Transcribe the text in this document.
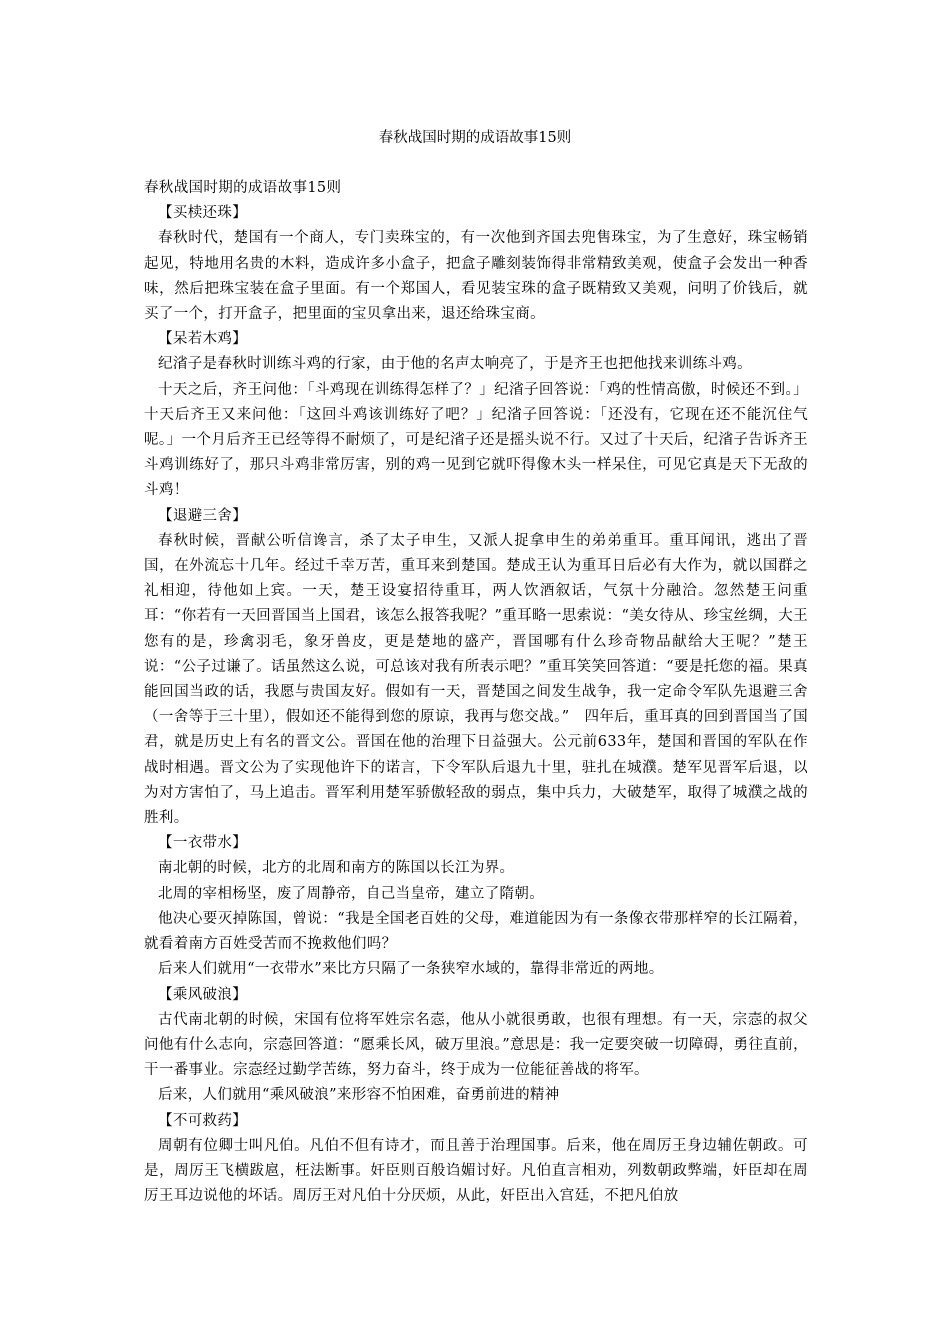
春秋战国时期的成语故事15则

春秋战国时期的成语故事15则

【买椟还珠】

春秋时代，楚国有一个商人，专门卖珠宝的，有一次他到齐国去兜售珠宝，为了生意好，珠宝畅销起见，特地用名贵的木料，造成许多小盒子，把盒子雕刻装饰得非常精致美观，使盒子会发出一种香味，然后把珠宝装在盒子里面。有一个郑国人，看见装宝珠的盒子既精致又美观，问明了价钱后，就买了一个，打开盒子，把里面的宝贝拿出来，退还给珠宝商。

【呆若木鸡】

纪渻子是春秋时训练斗鸡的行家，由于他的名声太响亮了，于是齐王也把他找来训练斗鸡。

十天之后，齐王问他：「斗鸡现在训练得怎样了？」纪渻子回答说：「鸡的性情高傲，时候还不到。」十天后齐王又来问他：「这回斗鸡该训练好了吧？」纪渻子回答说：「还没有，它现在还不能沉住气呢。」一个月后齐王已经等得不耐烦了，可是纪渻子还是摇头说不行。又过了十天后，纪渻子告诉齐王斗鸡训练好了，那只斗鸡非常厉害，别的鸡一见到它就吓得像木头一样呆住，可见它真是天下无敌的斗鸡！

【退避三舍】

春秋时候，晋献公听信谗言，杀了太子申生，又派人捉拿申生的弟弟重耳。重耳闻讯，逃出了晋国，在外流忘十几年。经过千幸万苦，重耳来到楚国。楚成王认为重耳日后必有大作为，就以国群之礼相迎，待他如上宾。一天，楚王设宴招待重耳，两人饮酒叙话，气氛十分融洽。忽然楚王问重耳：“你若有一天回晋国当上国君，该怎么报答我呢？”重耳略一思索说：“美女待从、珍宝丝绸，大王您有的是，珍禽羽毛，象牙兽皮，更是楚地的盛产，晋国哪有什么珍奇物品献给大王呢？”楚王说：“公子过谦了。话虽然这么说，可总该对我有所表示吧？”重耳笑笑回答道：“要是托您的福。果真能回国当政的话，我愿与贵国友好。假如有一天，晋楚国之间发生战争，我一定命令军队先退避三舍（一舍等于三十里），假如还不能得到您的原谅，我再与您交战。”　四年后，重耳真的回到晋国当了国君，就是历史上有名的晋文公。晋国在他的治理下日益强大。公元前633年，楚国和晋国的军队在作战时相遇。晋文公为了实现他许下的诺言，下令军队后退九十里，驻扎在城濮。楚军见晋军后退，以为对方害怕了，马上追击。晋军利用楚军骄傲轻敌的弱点，集中兵力，大破楚军，取得了城濮之战的胜利。

【一衣带水】

南北朝的时候，北方的北周和南方的陈国以长江为界。

北周的宰相杨坚，废了周静帝，自己当皇帝，建立了隋朝。

他决心要灭掉陈国，曾说：“我是全国老百姓的父母，难道能因为有一条像衣带那样窄的长江隔着，就看着南方百姓受苦而不挽救他们吗？

后来人们就用“一衣带水”来比方只隔了一条狭窄水域的，靠得非常近的两地。

【乘风破浪】

古代南北朝的时候，宋国有位将军姓宗名悫，他从小就很勇敢，也很有理想。有一天，宗悫的叔父问他有什么志向，宗悫回答道：“愿乘长风，破万里浪。”意思是：我一定要突破一切障碍，勇往直前，干一番事业。宗悫经过勤学苦练，努力奋斗，终于成为一位能征善战的将军。

后来，人们就用“乘风破浪”来形容不怕困难，奋勇前进的精神

【不可救药】

周朝有位卿士叫凡伯。凡伯不但有诗才，而且善于治理国事。后来，他在周厉王身边辅佐朝政。可是，周厉王飞横跋扈，枉法断事。奸臣则百般诌媚讨好。凡伯直言相劝，列数朝政弊端，奸臣却在周厉王耳边说他的坏话。周厉王对凡伯十分厌烦，从此，奸臣出入宫廷，不把凡伯放
